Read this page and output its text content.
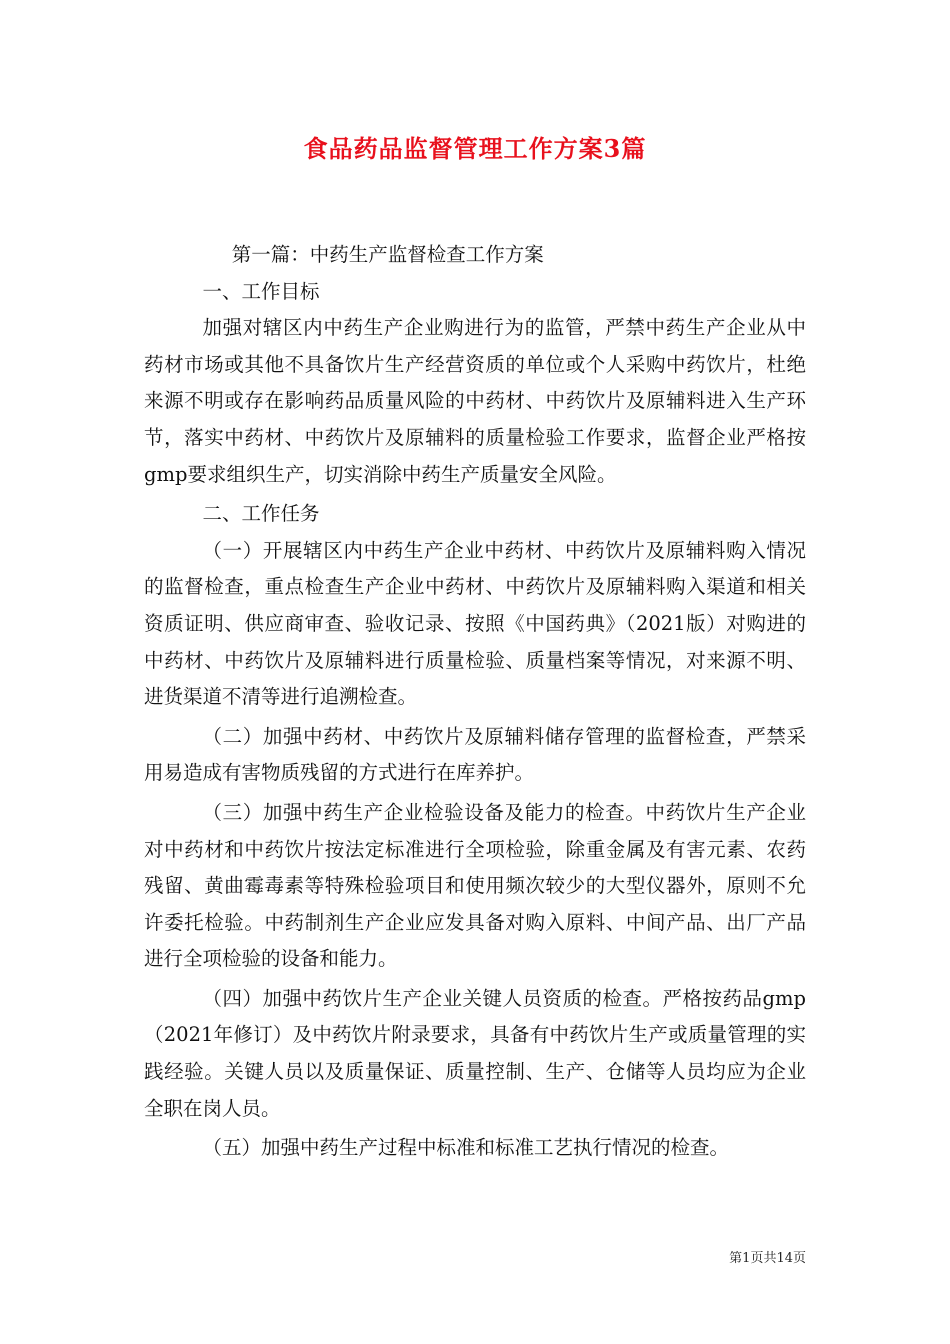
食品药品监督管理工作方案3篇

第一篇：中药生产监督检查工作方案

一、工作目标

加强对辖区内中药生产企业购进行为的监管，严禁中药生产企业从中药材市场或其他不具备饮片生产经营资质的单位或个人采购中药饮片，杜绝来源不明或存在影响药品质量风险的中药材、中药饮片及原辅料进入生产环节，落实中药材、中药饮片及原辅料的质量检验工作要求，监督企业严格按gmp要求组织生产，切实消除中药生产质量安全风险。

二、工作任务

（一）开展辖区内中药生产企业中药材、中药饮片及原辅料购入情况的监督检查，重点检查生产企业中药材、中药饮片及原辅料购入渠道和相关资质证明、供应商审查、验收记录、按照《中国药典》（2021版）对购进的中药材、中药饮片及原辅料进行质量检验、质量档案等情况，对来源不明、进货渠道不清等进行追溯检查。

（二）加强中药材、中药饮片及原辅料储存管理的监督检查，严禁采用易造成有害物质残留的方式进行在库养护。

（三）加强中药生产企业检验设备及能力的检查。中药饮片生产企业对中药材和中药饮片按法定标准进行全项检验，除重金属及有害元素、农药残留、黄曲霉毒素等特殊检验项目和使用频次较少的大型仪器外，原则不允许委托检验。中药制剂生产企业应发具备对购入原料、中间产品、出厂产品进行全项检验的设备和能力。

（四）加强中药饮片生产企业关键人员资质的检查。严格按药品gmp（2021年修订）及中药饮片附录要求，具备有中药饮片生产或质量管理的实践经验。关键人员以及质量保证、质量控制、生产、仓储等人员均应为企业全职在岗人员。

（五）加强中药生产过程中标准和标准工艺执行情况的检查。

第1页共14页
